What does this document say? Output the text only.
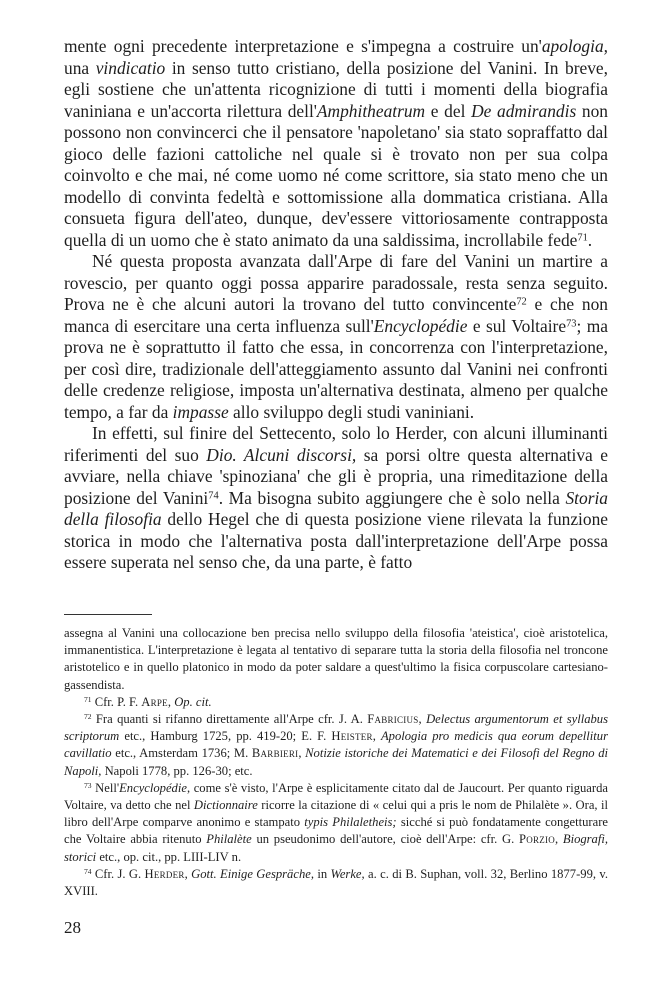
mente ogni precedente interpretazione e s'impegna a costruire un'apologia, una vindicatio in senso tutto cristiano, della posizione del Vanini. In breve, egli sostiene che un'attenta ricognizione di tutti i momenti della biografia vaniniana e un'accorta rilettura dell'Amphitheatrum e del De admirandis non possono non convincerci che il pensatore 'napoletano' sia stato sopraffatto dal gioco delle fazioni cattoliche nel quale si è trovato non per sua colpa coinvolto e che mai, né come uomo né come scrittore, sia stato meno che un modello di convinta fedeltà e sottomissione alla dommatica cristiana. Alla consueta figura dell'ateo, dunque, dev'essere vittoriosamente contrapposta quella di un uomo che è stato animato da una saldissima, incrollabile fede$^{71}$.

Né questa proposta avanzata dall'Arpe di fare del Vanini un martire a rovescio, per quanto oggi possa apparire paradossale, resta senza seguito. Prova ne è che alcuni autori la trovano del tutto convincente$^{72}$ e che non manca di esercitare una certa influenza sull'Encyclopédie e sul Voltaire$^{73}$; ma prova ne è soprattutto il fatto che essa, in concorrenza con l'interpretazione, per così dire, tradizionale dell'atteggiamento assunto dal Vanini nei confronti delle credenze religiose, imposta un'alternativa destinata, almeno per qualche tempo, a far da impasse allo sviluppo degli studi vaniniani.

In effetti, sul finire del Settecento, solo lo Herder, con alcuni illuminanti riferimenti del suo Dio. Alcuni discorsi, sa porsi oltre questa alternativa e avviare, nella chiave 'spinoziana' che gli è propria, una rimeditazione della posizione del Vanini$^{74}$. Ma bisogna subito aggiungere che è solo nella Storia della filosofia dello Hegel che di questa posizione viene rilevata la funzione storica in modo che l'alternativa posta dall'interpretazione dell'Arpe possa essere superata nel senso che, da una parte, è fatto

assegna al Vanini una collocazione ben precisa nello sviluppo della filosofia 'ateistica', cioè aristotelica, immanentistica. L'interpretazione è legata al tentativo di separare tutta la storia della filosofia nel troncone aristotelico e in quello platonico in modo da poter saldare a quest'ultimo la fisica corpuscolare cartesiano-gassendista.

$^{71}$ Cfr. P. F. Arpe, Op. cit.

$^{72}$ Fra quanti si rifanno direttamente all'Arpe cfr. J. A. Fabricius, Delectus argumentorum et syllabus scriptorum etc., Hamburg 1725, pp. 419-20; E. F. Heister, Apologia pro medicis qua eorum depellitur cavillatio etc., Amsterdam 1736; M. Barbieri, Notizie istoriche dei Matematici e dei Filosofi del Regno di Napoli, Napoli 1778, pp. 126-30; etc.

$^{73}$ Nell'Encyclopédie, come s'è visto, l'Arpe è esplicitamente citato dal de Jaucourt. Per quanto riguarda Voltaire, va detto che nel Dictionnaire ricorre la citazione di « celui qui a pris le nom de Philalète ». Ora, il libro dell'Arpe comparve anonimo e stampato typis Philaletheis; sicché si può fondatamente congetturare che Voltaire abbia ritenuto Philalète un pseudonimo dell'autore, cioè dell'Arpe: cfr. G. Porzio, Biografi, storici etc., op. cit., pp. LIII-LIV n.

$^{74}$ Cfr. J. G. Herder, Gott. Einige Gespräche, in Werke, a. c. di B. Suphan, voll. 32, Berlino 1877-99, v. XVIII.

28
